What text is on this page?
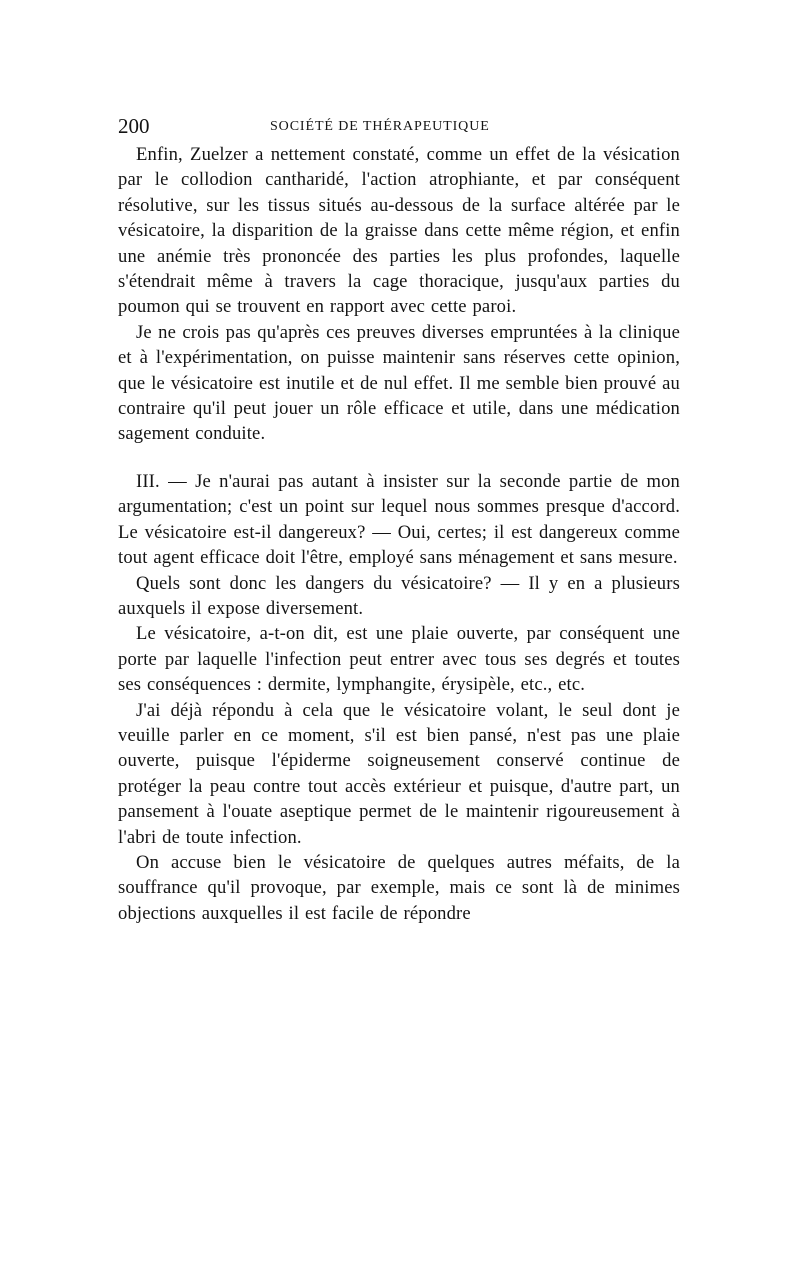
200	SOCIÉTÉ DE THÉRAPEUTIQUE

Enfin, Zuelzer a nettement constaté, comme un effet de la vésication par le collodion cantharidé, l'action atrophiante, et par conséquent résolutive, sur les tissus situés au-dessous de la surface altérée par le vésicatoire, la disparition de la graisse dans cette même région, et enfin une anémie très prononcée des parties les plus profondes, laquelle s'étendrait même à travers la cage thoracique, jusqu'aux parties du poumon qui se trouvent en rapport avec cette paroi.

Je ne crois pas qu'après ces preuves diverses empruntées à la clinique et à l'expérimentation, on puisse maintenir sans réserves cette opinion, que le vésicatoire est inutile et de nul effet. Il me semble bien prouvé au contraire qu'il peut jouer un rôle efficace et utile, dans une médication sagement conduite.

III. — Je n'aurai pas autant à insister sur la seconde partie de mon argumentation; c'est un point sur lequel nous sommes presque d'accord. Le vésicatoire est-il dangereux? — Oui, certes; il est dangereux comme tout agent efficace doit l'être, employé sans ménagement et sans mesure.

Quels sont donc les dangers du vésicatoire? — Il y en a plusieurs auxquels il expose diversement.

Le vésicatoire, a-t-on dit, est une plaie ouverte, par conséquent une porte par laquelle l'infection peut entrer avec tous ses degrés et toutes ses conséquences : dermite, lymphangite, érysipèle, etc., etc.

J'ai déjà répondu à cela que le vésicatoire volant, le seul dont je veuille parler en ce moment, s'il est bien pansé, n'est pas une plaie ouverte, puisque l'épiderme soigneusement conservé continue de protéger la peau contre tout accès extérieur et puisque, d'autre part, un pansement à l'ouate aseptique permet de le maintenir rigoureusement à l'abri de toute infection.

On accuse bien le vésicatoire de quelques autres méfaits, de la souffrance qu'il provoque, par exemple, mais ce sont là de minimes objections auxquelles il est facile de répondre
